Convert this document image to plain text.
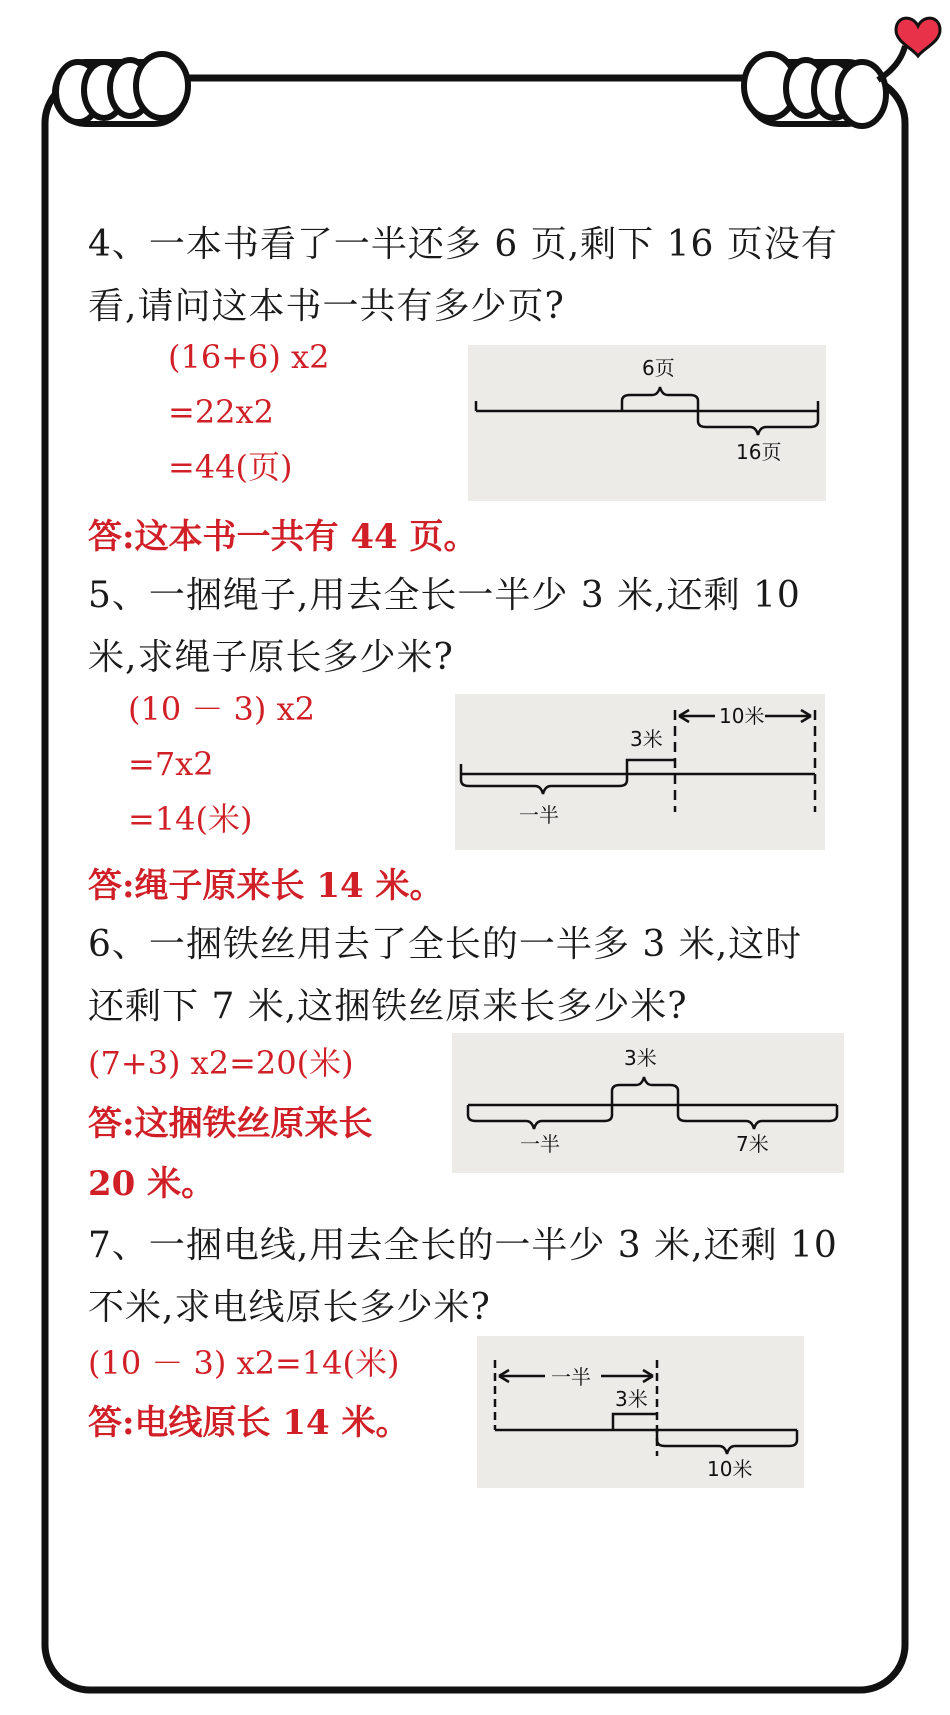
4、一本书看了一半还多 6 页,剩下 16 页没有
看,请问这本书一共有多少页?
(16+6) x2
=22x2
=44(页)
6页
16页
答:这本书一共有 44 页。
5、一捆绳子,用去全长一半少 3 米,还剩 10
米,求绳子原长多少米?
(10 － 3) x2
=7x2
=14(米)
3米
10米
一半
答:绳子原来长 14 米。
6、一捆铁丝用去了全长的一半多 3 米,这时
还剩下 7 米,这捆铁丝原来长多少米?
(7+3) x2=20(米)
答:这捆铁丝原来长
20 米。
3米
一半	7米
7、一捆电线,用去全长的一半少 3 米,还剩 10
不米,求电线原长多少米?
(10 － 3) x2=14(米)
答:电线原长 14 米。
一半
3米
10米
